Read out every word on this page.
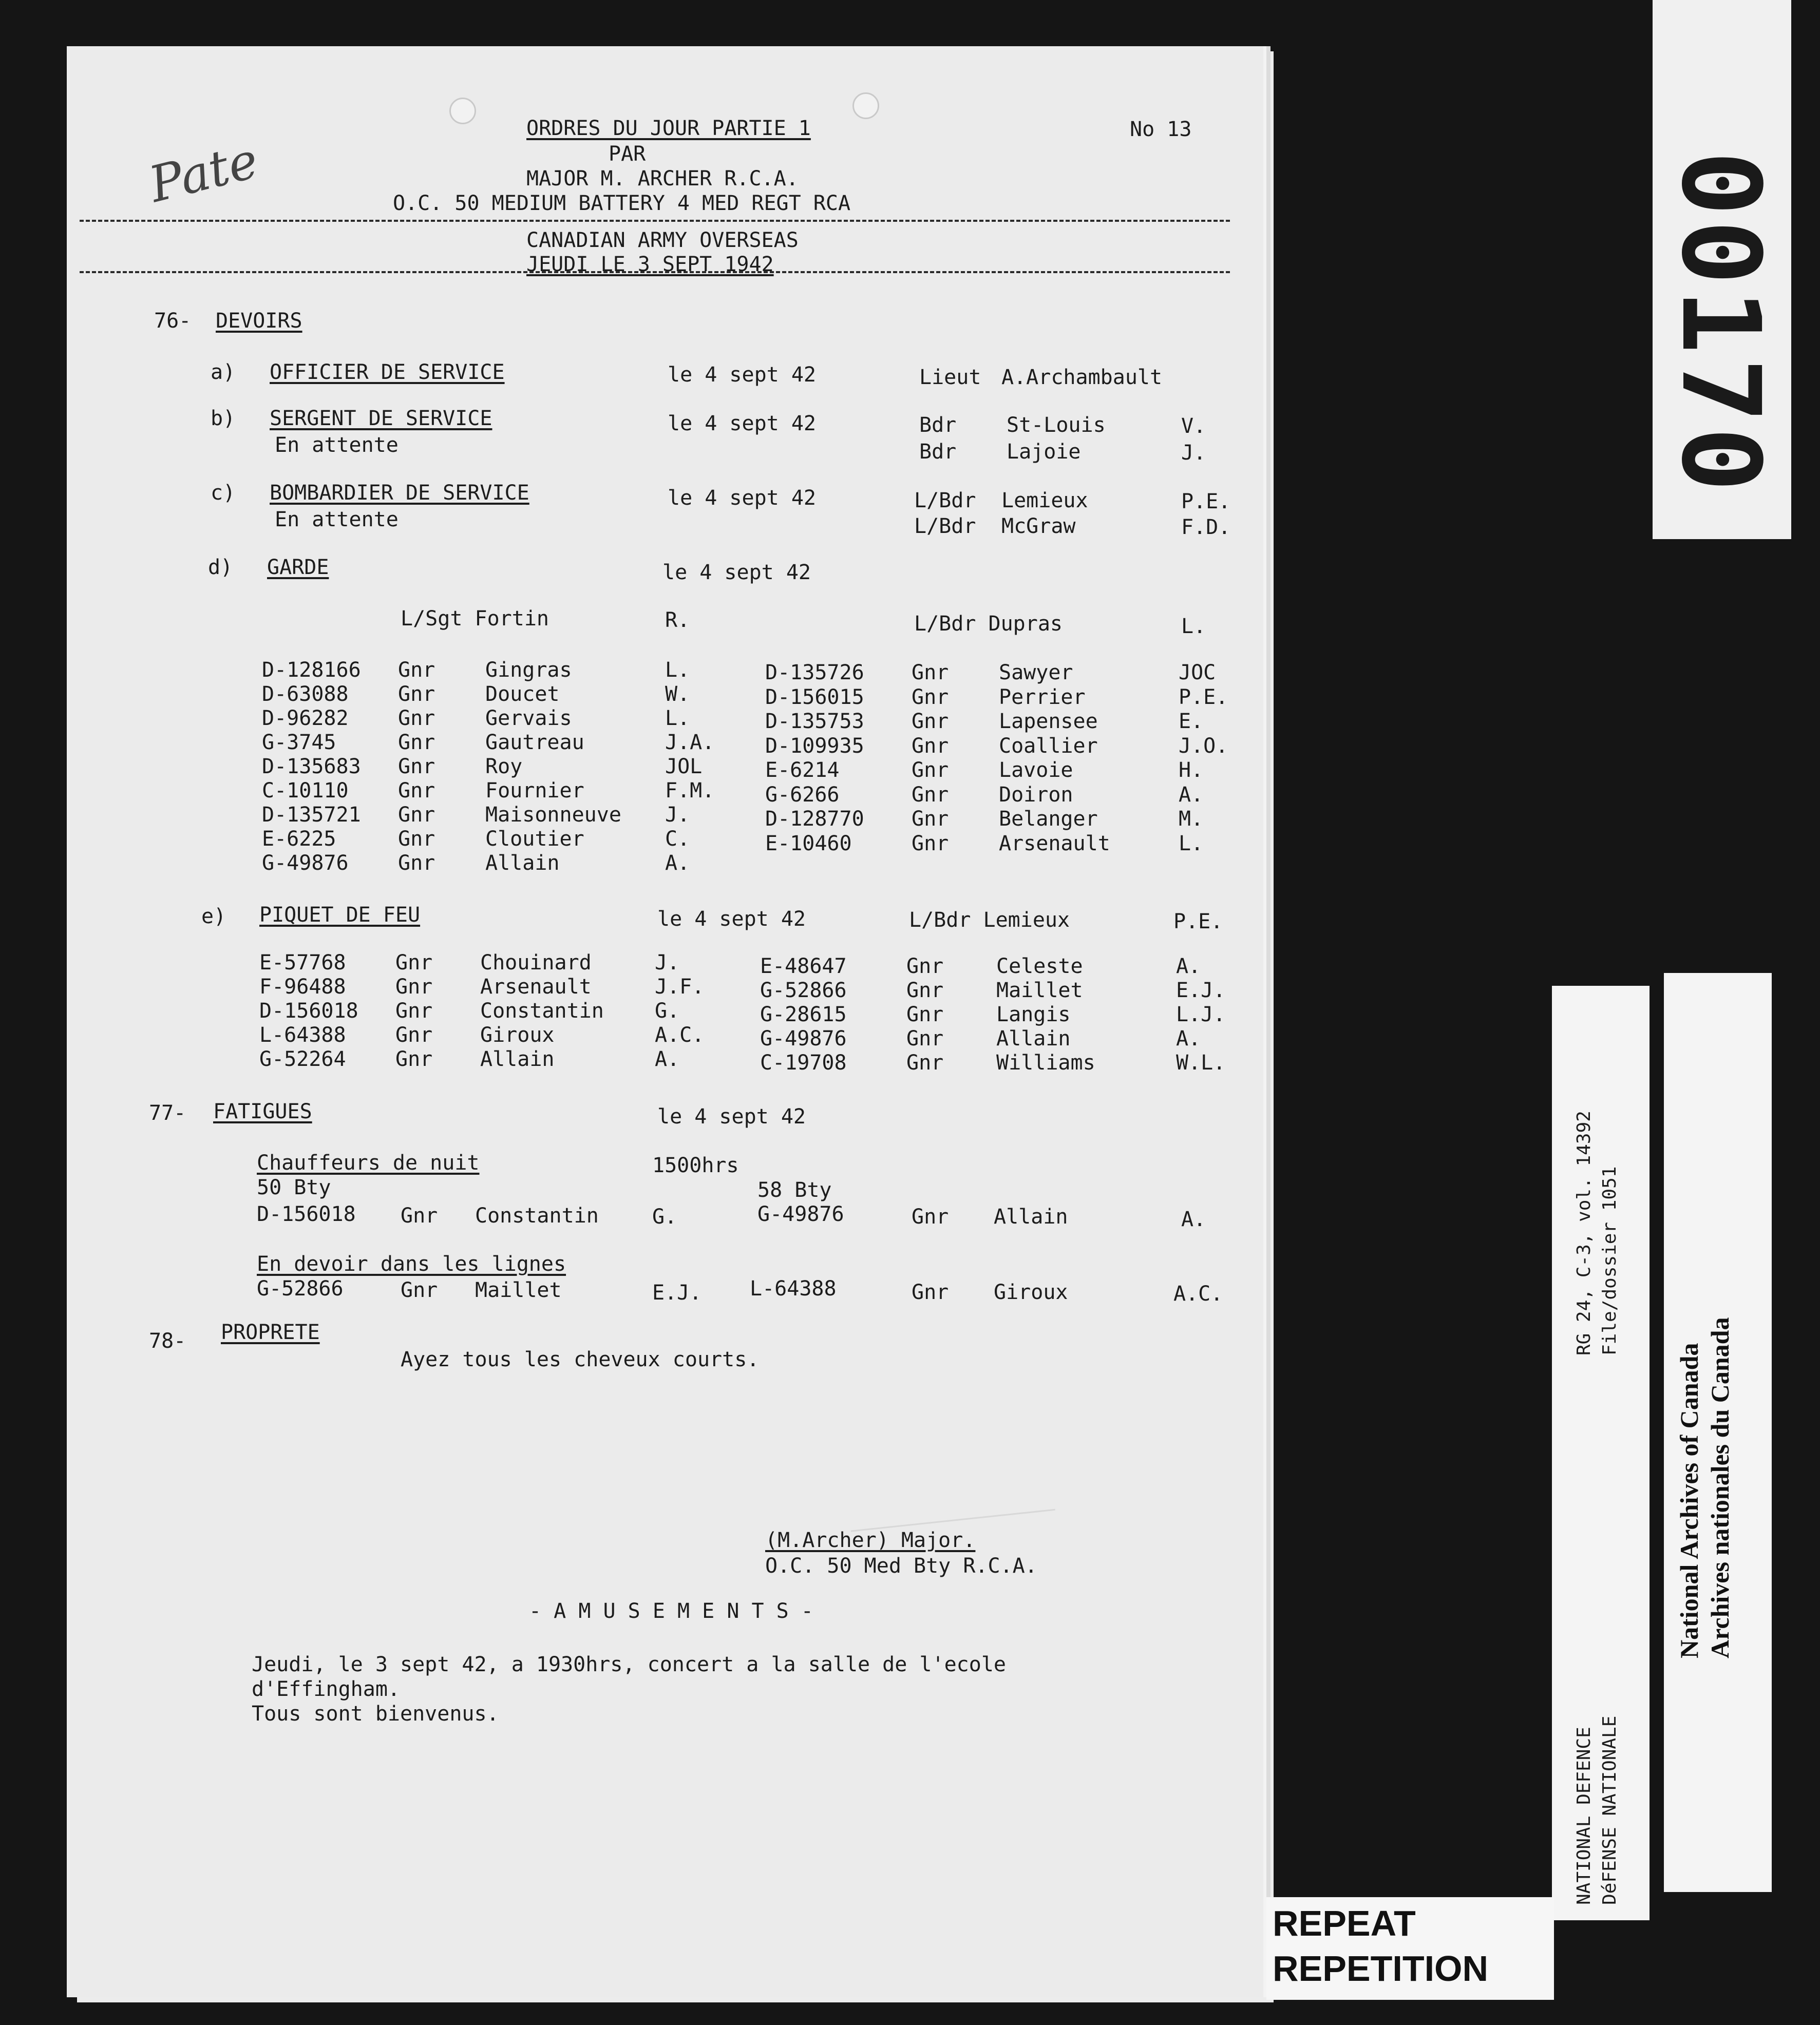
Pate
ORDRES DU JOUR PARTIE 1	No 13
PAR
MAJOR M. ARCHER R.C.A.
O.C. 50 MEDIUM BATTERY 4 MED REGT RCA
CANADIAN ARMY OVERSEAS
JEUDI LE 3 SEPT 1942
76- DEVOIRS
a) OFFICIER DE SERVICE	le 4 sept 42	Lieut A.Archambault
b) SERGENT DE SERVICE
En attente
le 4 sept 42	Bdr St-Louis	V.
Bdr Lajoie	J.
c) BOMBARDIER DE SERVICE
En attente
le 4 sept 42	L/Bdr Lemieux	P.E.
L/Bdr McGraw	F.D.
d) GARDE	le 4 sept 42
L/Sgt Fortin	R.	L/Bdr Dupras	L.
D-128166 Gnr Gingras	L.
D-63088 Gnr Doucet	W.
D-96282 Gnr Gervais	L.
G-3745	Gnr Gautreau	J.A.
D-135683 Gnr Roy	JOL
C-10110 Gnr Fournier	F.M.
D-135721 Gnr Maisonneuve J.
E-6225	Gnr Cloutier	C.
G-49876 Gnr Allain	A.
D-135726 Gnr Sawyer	JOC
D-156015 Gnr Perrier	P.E.
D-135753 Gnr Lapensee	E.
D-109935 Gnr Coallier	J.O.
E-6214	Gnr Lavoie	H.
G-6266	Gnr Doiron	A.
D-128770 Gnr Belanger	M.
E-10460	Gnr Arsenault	L.
e) PIQUET DE FEU	le 4 sept 42	L/Bdr Lemieux	P.E.
E-57768 Gnr Chouinard	J.
F-96488 Gnr Arsenault	J.F.
D-156018 Gnr Constantin G.
L-64388 Gnr Giroux	A.C.
G-52264 Gnr Allain	A.
E-48647	Gnr	Celeste	A.
G-52866	Gnr	Maillet	E.J.
G-28615	Gnr	Langis	L.J.
G-49876	Gnr	Allain	A.
C-19708	Gnr	Williams	W.L.
77- FATIGUES	le 4 sept 42
Chauffeurs de nuit	1500hrs
50 Bty	58 Bty
D-156018 Gnr Constantin	G.	G-49876	Gnr Allain	A.
En devoir dans les lignes
G-52866	Gnr Maillet	E.J. L-64388	Gnr Giroux	A.C.
78- PROPRETE
Ayez tous les cheveux courts.
(M.Archer) Major.
O.C. 50 Med Bty R.C.A.
- A M U S E M E N T S -
Jeudi, le 3 sept 42, a 1930hrs, concert a la salle de l'ecole
d'Effingham.
Tous sont bienvenus.
00170
RG 24, C-3, vol. 14392 File/dossier 1051
NATIONAL DEFENCE DéFENSE NATIONALE
National Archives of Canada Archives nationales du Canada
REPEAT
REPETITION
